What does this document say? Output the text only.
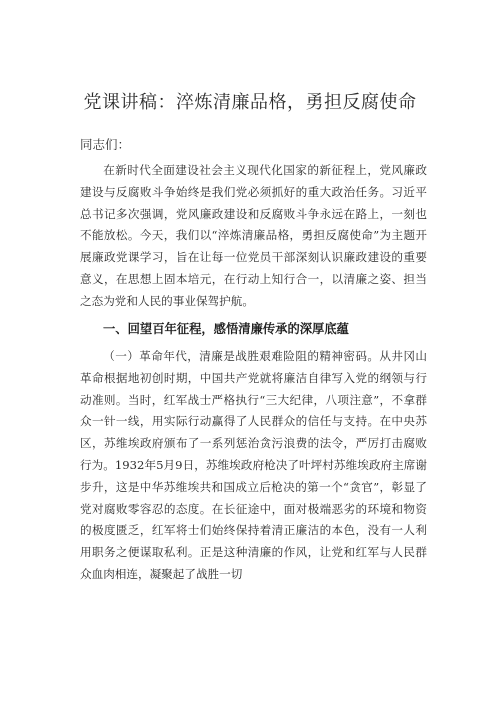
党课讲稿：淬炼清廉品格，勇担反腐使命
同志们：

在新时代全面建设社会主义现代化国家的新征程上，党风廉政建设与反腐败斗争始终是我们党必须抓好的重大政治任务。习近平总书记多次强调，党风廉政建设和反腐败斗争永远在路上，一刻也不能放松。今天，我们以“淬炼清廉品格，勇担反腐使命”为主题开展廉政党课学习，旨在让每一位党员干部深刻认识廉政建设的重要意义，在思想上固本培元，在行动上知行合一，以清廉之姿、担当之态为党和人民的事业保驾护航。

一、回望百年征程，感悟清廉传承的深厚底蕴

（一）革命年代，清廉是战胜艰难险阻的精神密码。从井冈山革命根据地初创时期，中国共产党就将廉洁自律写入党的纲领与行动准则。当时，红军战士严格执行“三大纪律，八项注意”，不拿群众一针一线，用实际行动赢得了人民群众的信任与支持。在中央苏区，苏维埃政府颁布了一系列惩治贪污浪费的法令，严厉打击腐败行为。1932年5月9日，苏维埃政府枪决了叶坪村苏维埃政府主席谢步升，这是中华苏维埃共和国成立后枪决的第一个“贪官”，彰显了党对腐败零容忍的态度。在长征途中，面对极端恶劣的环境和物资的极度匮乏，红军将士们始终保持着清正廉洁的本色，没有一人利用职务之便谋取私利。正是这种清廉的作风，让党和红军与人民群众血肉相连，凝聚起了战胜一切
